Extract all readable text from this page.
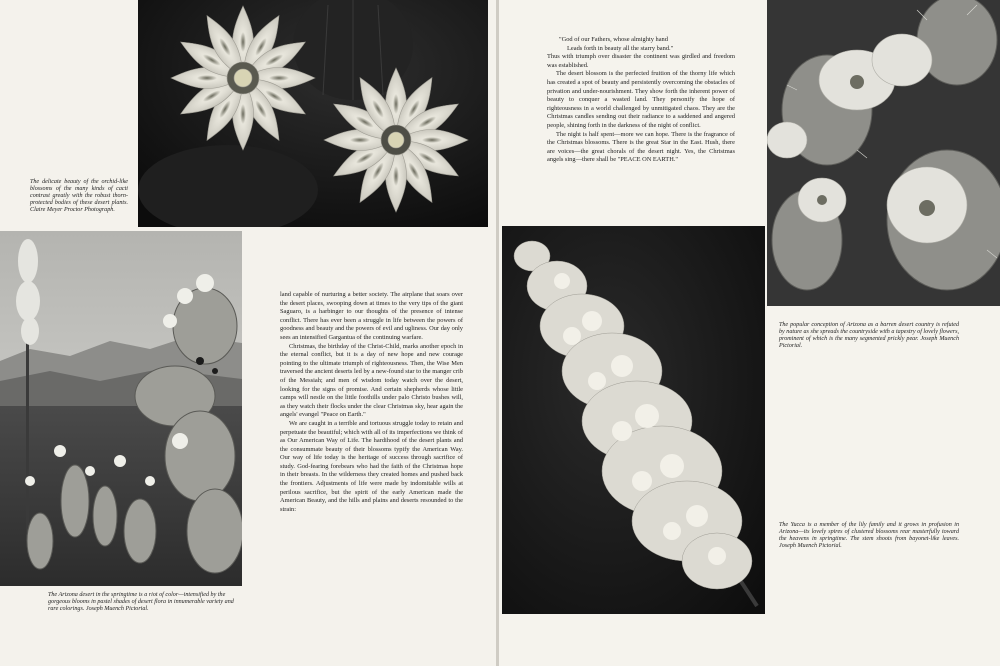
The delicate beauty of the orchid-like blossoms of the many kinds of cacti contrast greatly with the robust thorn-protected bodies of these desert plants. Claire Meyer Proctor Photograph.
The Arizona desert in the springtime is a riot of color—intensified by the gorgeous blooms in pastel shades of desert flora in innumerable variety and rare colorings. Joseph Muench Pictorial.

land capable of nurturing a better society. The airplane that soars over the desert places, swooping down at times to the very tips of the giant Saguaro, is a harbinger to our thoughts of the presence of intense conflict. There has ever been a struggle in life between the powers of goodness and beauty and the powers of evil and ugliness. Our day only sees an intensified Gargantua of the continuing warfare.

Christmas, the birthday of the Christ-Child, marks another epoch in the eternal conflict, but it is a day of new hope and new courage pointing to the ultimate triumph of righteousness. Then, the Wise Men traversed the ancient deserts led by a new-found star to the manger crib of the Messiah; and men of wisdom today watch over the desert, looking for the signs of promise. And certain shepherds whose little camps will nestle on the little foothills under palo Christo bushes will, as they watch their flocks under the clear Christmas sky, hear again the angels' evangel "Peace on Earth."

We are caught in a terrible and tortuous struggle today to retain and perpetuate the beautiful; which with all of its imperfections we think of as Our American Way of Life. The hardihood of the desert plants and the consummate beauty of their blossoms typify the American Way. Our way of life today is the heritage of success through sacrifice of study. God-fearing forebears who had the faith of the Christmas hope in their breasts. In the wilderness they created homes and pushed back the frontiers. Adjustments of life were made by indomitable wills at perilous sacrifice, but the spirit of the early American made the American Beauty, and the hills and plains and deserts resounded to the strain:

"God of our Fathers, whose almighty hand
Leads forth in beauty all the starry band."

Thus with triumph over disaster the continent was girdled and freedom was established.

The desert blossom is the perfected fruition of the thorny life which has created a spot of beauty and persistently overcoming the obstacles of privation and under-nourishment. They show forth the inherent power of beauty to conquer a wasted land. They personify the hope of righteousness in a world challenged by unmitigated chaos. They are the Christmas candles sending out their radiance to a saddened and angered people, shining forth in the darkness of the night of conflict.

The night is half spent—more we can hope. There is the fragrance of the Christmas blossoms. There is the great Star in the East. Hush, there are voices—the great chorals of the desert night. Yes, the Christmas angels sing—there shall be "PEACE ON EARTH."

The popular conception of Arizona as a barren desert country is refuted by nature as she spreads the countryside with a tapestry of lovely flowers, prominent of which is the many segmented prickly pear. Joseph Muench Pictorial.
The Yucca is a member of the lily family and it grows in profusion in Arizona—its lovely spires of clustered blossoms rear masterfully toward the heavens in springtime. The stem shoots from bayonet-like leaves. Joseph Muench Pictorial.
